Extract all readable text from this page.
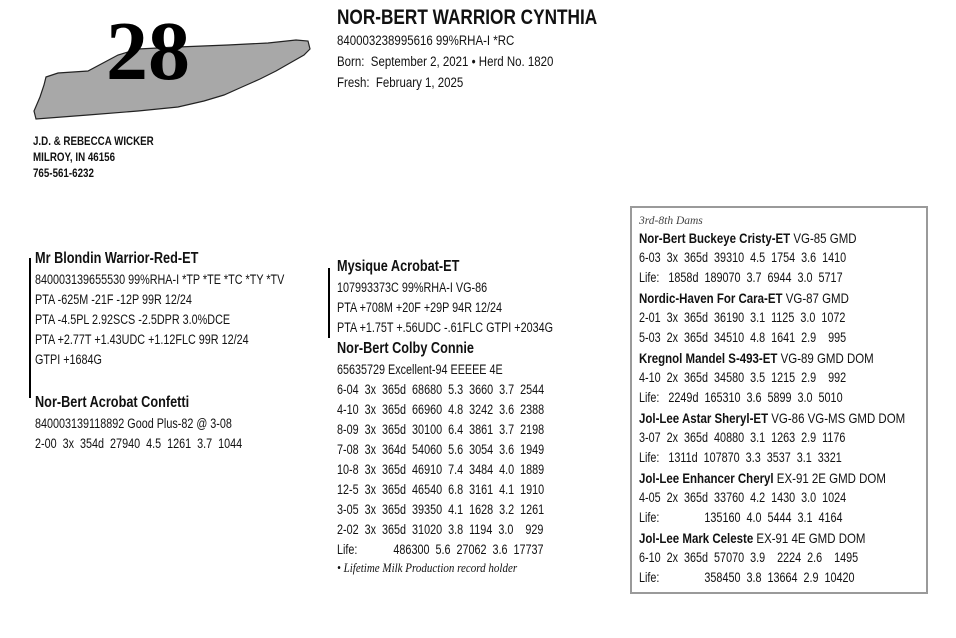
28	NOR-BERT WARRIOR CYNTHIA
840003238995616 99%RHA-I *RC
Born:  September 2, 2021 • Herd No. 1820
Fresh:  February 1, 2025
J.D. & REBECCA WICKER
MILROY, IN 46156
765-561-6232
Mr Blondin Warrior-Red-ET
840003139655530 99%RHA-I *TP *TE *TC *TY *TV
PTA -625M -21F -12P 99R 12/24
PTA -4.5PL 2.92SCS -2.5DPR 3.0%DCE
PTA +2.77T +1.43UDC +1.12FLC 99R 12/24
GTPI +1684G
Nor-Bert Acrobat Confetti
840003139118892 Good Plus-82 @ 3-08
2-00  3x  354d  27940  4.5  1261  3.7  1044
Mysique Acrobat-ET
107993373C 99%RHA-I VG-86
PTA +708M +20F +29P 94R 12/24
PTA +1.75T +.56UDC -.61FLC GTPI +2034G
Nor-Bert Colby Connie
65635729 Excellent-94 EEEEE 4E
6-04  3x  365d  68680  5.3  3660  3.7  2544
4-10  3x  365d  66960  4.8  3242  3.6  2388
8-09  3x  365d  30100  6.4  3861  3.7  2198
7-08  3x  364d  54060  5.6  3054  3.6  1949
10-8  3x  365d  46910  7.4  3484  4.0  1889
12-5  3x  365d  46540  6.8  3161  4.1  1910
3-05  3x  365d  39350  4.1  1628  3.2  1261
2-02  3x  365d  31020  3.8  1194  3.0    929
Life:            486300  5.6  27062  3.6  17737
• Lifetime Milk Production record holder
3rd-8th Dams
Nor-Bert Buckeye Cristy-ET VG-85 GMD
6-03  3x  365d  39310  4.5  1754  3.6  1410
Life:   1858d  189070  3.7  6944  3.0  5717
Nordic-Haven For Cara-ET VG-87 GMD
2-01  3x  365d  36190  3.1  1125  3.0  1072
5-03  2x  365d  34510  4.8  1641  2.9    995
Kregnol Mandel S-493-ET VG-89 GMD DOM
4-10  2x  365d  34580  3.5  1215  2.9    992
Life:   2249d  165310  3.6  5899  3.0  5010
Jol-Lee Astar Sheryl-ET VG-86 VG-MS GMD DOM
3-07  2x  365d  40880  3.1  1263  2.9  1176
Life:   1311d  107870  3.3  3537  3.1  3321
Jol-Lee Enhancer Cheryl EX-91 2E GMD DOM
4-05  2x  365d  33760  4.2  1430  3.0  1024
Life:               135160  4.0  5444  3.1  4164
Jol-Lee Mark Celeste EX-91 4E GMD DOM
6-10  2x  365d  57070  3.9    2224  2.6    1495
Life:               358450  3.8  13664  2.9  10420
